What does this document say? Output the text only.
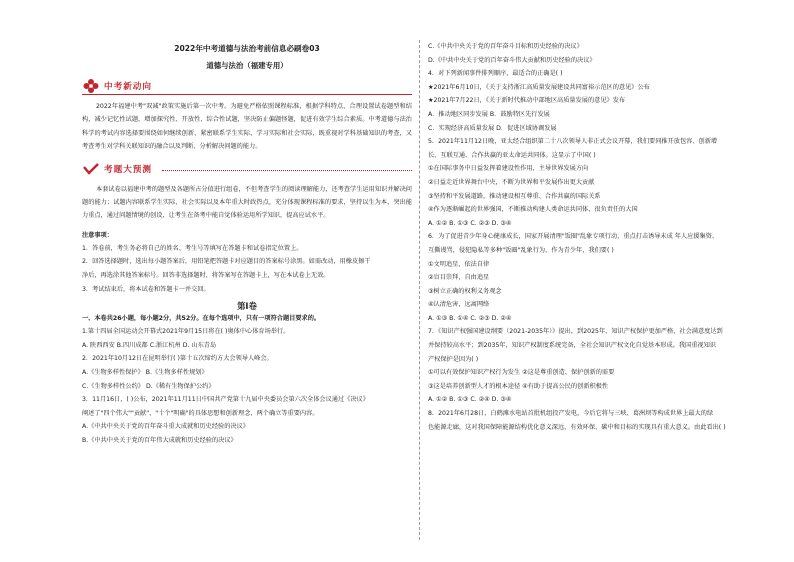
2022年中考道德与法治考前信息必刷卷03
道德与法治（福建专用）
中考新动向

2022年福建中考"双减"政策实施后第一次中考。为避免严格依照课程标准，根据学科特点，合理设置试卷题型和结构，减少记忆性试题，增加探究性、开放性、综合性试题，坚决防止偏题怪题，促进有效学生综合素质。中考道德与法治科学的考试内容选择要围绕如何继续创新，紧密联系学生实际、学习实际和社会实际，既重视对学科基础知识的考查，又考查考生对学科关联知识的融合以及判断、分析解决问题的能力。

考题大预测

本套试卷以福建中考的题型及各题所占分值进行组卷，不但考查学生的阅读理解能力，还考查学生运用知识并解决问题的能力；试题内容联系学生实际、社会实际以及本年重大时政热点，充分体现课程标准的要求，坚持以生为本，突出能力重点，通过问题情境的创设，让考生在备考中能自觉体验运用所学知识，提高应试水平。

注意事项：

1．答卷前，考生务必将自己的姓名、考生号等填写在答题卡和试卷指定位置上。

2．回答选择题时，选出每小题答案后，用铅笔把答题卡对应题目的答案标号涂黑。如需改动，用橡皮擦干

净后，再选涂其他答案标号。回答非选择题时，将答案写在答题卡上，写在本试卷上无效。

3．考试结束后，将本试卷和答题卡一并交回。

第Ⅰ卷
一、本卷共26小题，每小题2分，共52分。在每个选项中，只有一项符合题目要求的。

1.第十四届全国运动会开幕式2021年9月15日将在( )奥体中心体育场举行。

A. 陕西西安 B.四川成都 C.浙江杭州 D. 山东青岛

2．2021年10月12日在昆明举行( )第十五次缔约方大会领导人峰会。

A.《生物多样性保护》 B.《生物多样性规划》

C.《生物多样性公约》 D.《稀有生物保护公约》

3．11月16日，( )公布，2021年11月11日中国共产党第十九届中央委员会第六次全体会议通过《决议》

阐述了"四个伟大""贡献"、"十个"明确"的具体思想和创新理念，两个确立等重要内容。

A.《中共中央关于党的百年奋斗重大成就和历史经验的决议》

B.《中共中央关于党的百年伟大成就和历史经验的决议》

C.《中共中央关于党的百年奋斗目标和历史经验的决议》

D.《中共中央关于党的百年奋斗伟大贡献和历史经验的决议》

4．对下列新闻事件排列顺序，最适合的正确是( )

★2021年6月10日，《关于支持浙江高质量发展建设共同富裕示范区的意见》公布

★2021年7月22日，《关于新时代推动中部地区高质量发展的意见》发布

A．推动地区同步发展 B．鼓励特区先行发展

C．实现经济高质量发展 D．促进区域协调发展

5．2021年11月12日晚，亚太经合组织第二十八次领导人非正式会议开幕，我们要同推开放包容、创新增

长、互联互通、合作共赢的亚太命运共同体。这显示了中国( )

①在国际事务中日益发挥着建设性作用，主导世界发展方向

②日益走近世界舞台中央，不断为世界和平发展作出更大贡献

③坚持和平发展道路，推动建设相互尊重、合作共赢的国际关系

④作为逐渐崛起的世界强国，不断推动构建人类命运共同体，很负责任的大国

A. ①② B. ①③ C. ②③ D. ③④

6．为了促进青少年身心健康成长，国家开展清理"饭圈"乱象专项行动，重点打击诱导未成 年人应援集资、

互撕谩骂，侵犯隐私等多种"饭圈"乱象行为，作为青少年，我们要( )

①文明追星，依法自律

②盲目崇拜，自由追星

③树立正确的权利义务观念

④认清危害，远离网络

A. ①③ B. ①④ C. ②③ D. ②④

7．《知识产权强国建设纲要（2021-2035年）》提出，到2025年，知识产权保护更加严格，社会满意度达到

并保持较高水平；到2035年，知识产权制度系统完备，全社会知识产权文化自觉基本形成。我国重视知识

产权保护是因为( )

①可以有效保护知识产权行为发生 ②这是尊重创造、保护创新的需要

③这是培养创新型人才的根本途径 ④有助于提高公民的创新积极性

A. ①② B. ①③ C. ②④ D. ③④

8．2021年6月28日，白鹤滩水电站首批机组投产发电，今后它将与三峡、葛洲坝等构成世界上最大的绿

色能源走廊，这对我国保障能源结构优化意义深远，有效环保、碳中和目标的实现具有重大意义。由此看出( )
